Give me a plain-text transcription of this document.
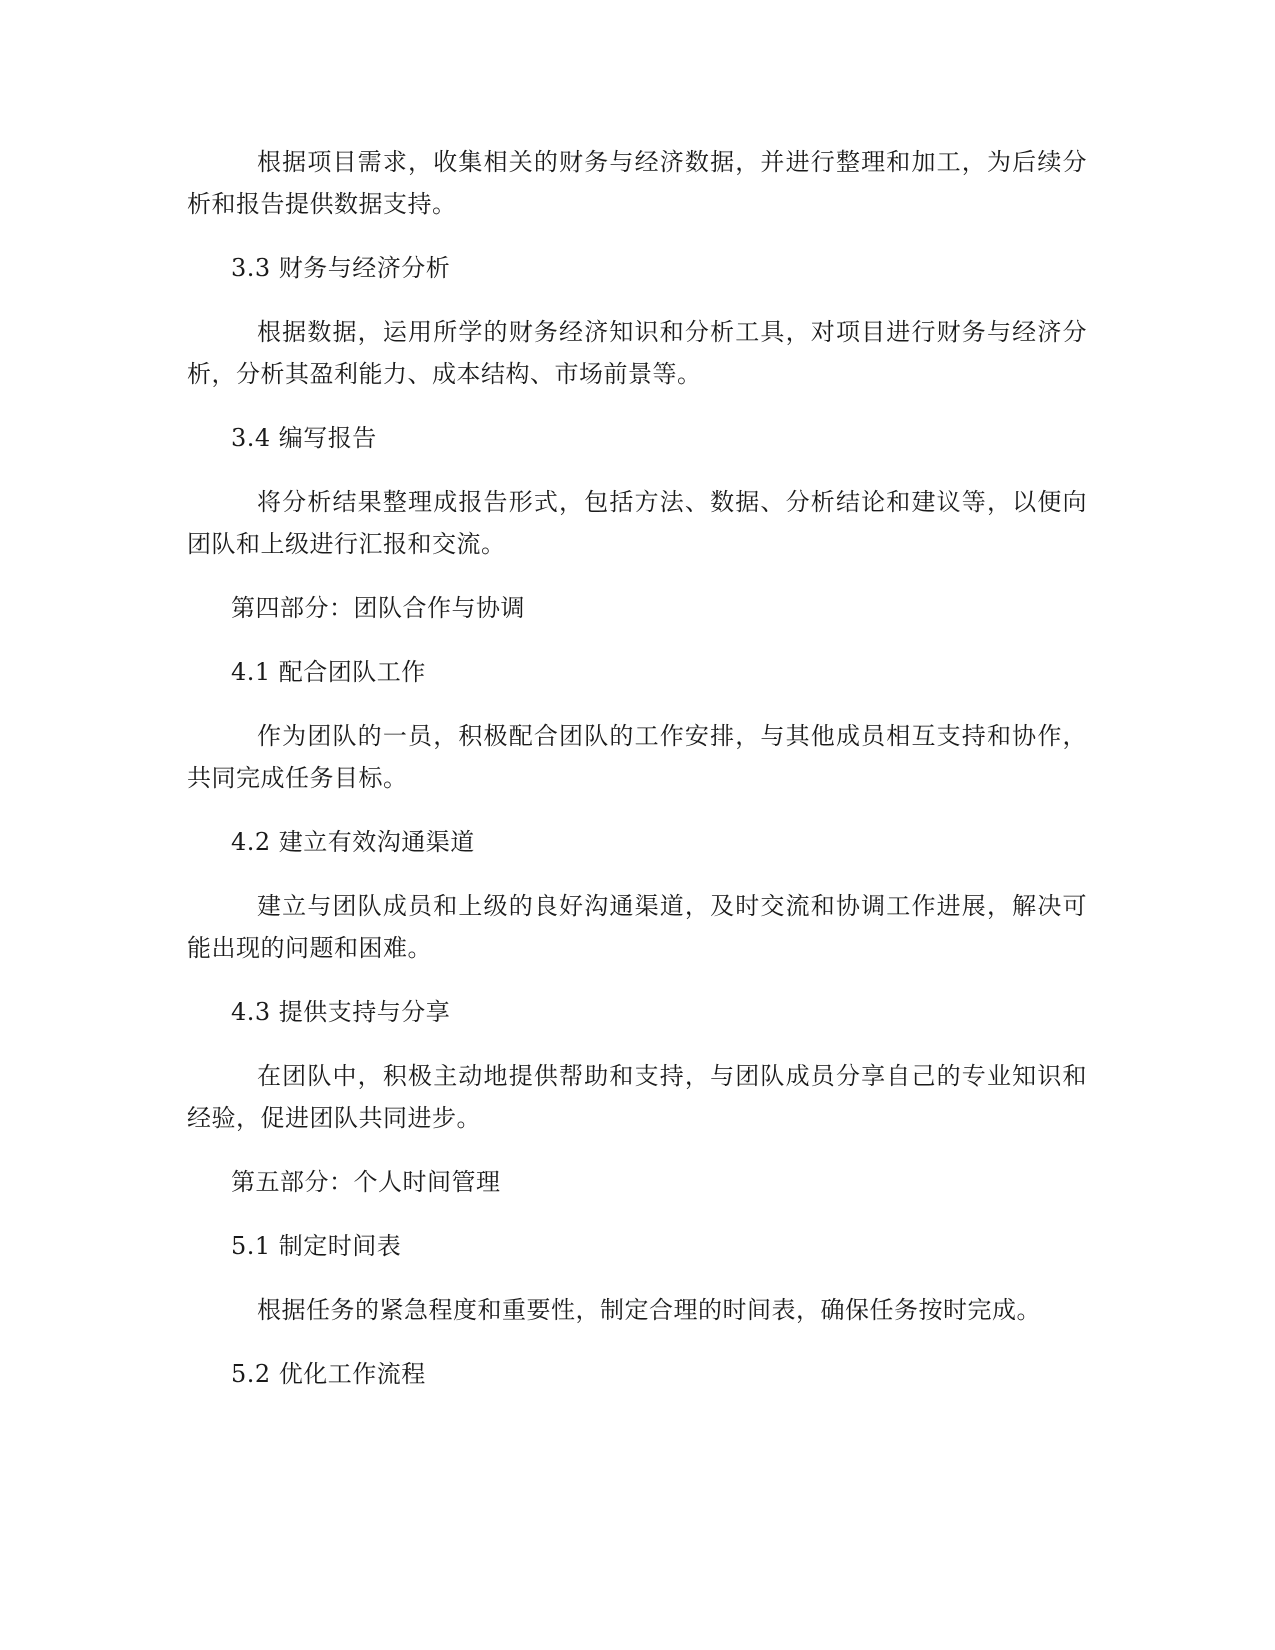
根据项目需求，收集相关的财务与经济数据，并进行整理和加工，为后续分析和报告提供数据支持。

3.3 财务与经济分析

根据数据，运用所学的财务经济知识和分析工具，对项目进行财务与经济分析，分析其盈利能力、成本结构、市场前景等。

3.4 编写报告

将分析结果整理成报告形式，包括方法、数据、分析结论和建议等，以便向团队和上级进行汇报和交流。

第四部分：团队合作与协调

4.1 配合团队工作

作为团队的一员，积极配合团队的工作安排，与其他成员相互支持和协作，共同完成任务目标。

4.2 建立有效沟通渠道

建立与团队成员和上级的良好沟通渠道，及时交流和协调工作进展，解决可能出现的问题和困难。

4.3 提供支持与分享

在团队中，积极主动地提供帮助和支持，与团队成员分享自己的专业知识和经验，促进团队共同进步。

第五部分：个人时间管理

5.1 制定时间表

根据任务的紧急程度和重要性，制定合理的时间表，确保任务按时完成。

5.2 优化工作流程
